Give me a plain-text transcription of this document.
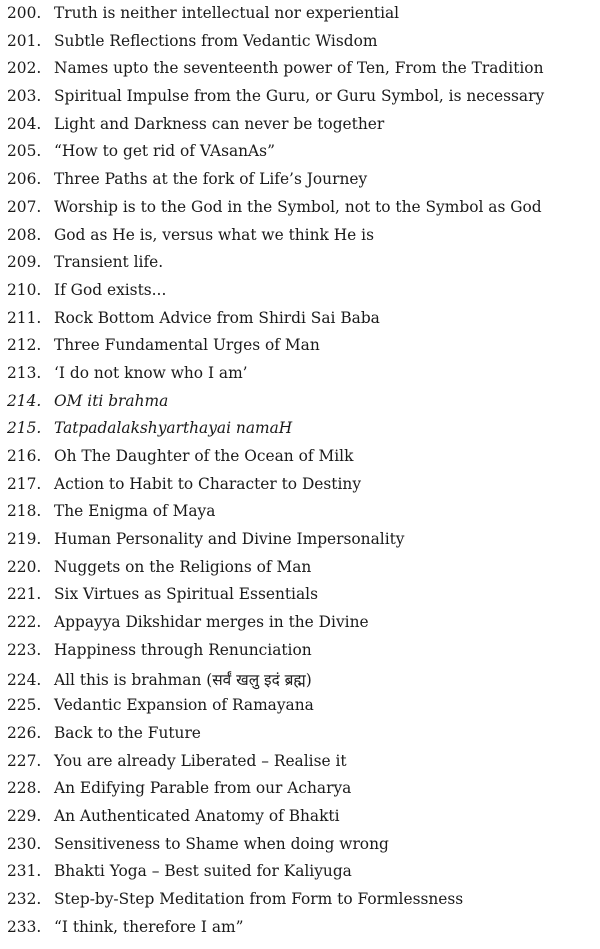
200. Truth is neither intellectual nor experiential
201. Subtle Reflections from Vedantic Wisdom
202. Names upto the seventeenth power of Ten, From the Tradition
203. Spiritual Impulse from the Guru, or Guru Symbol, is necessary
204. Light and Darkness can never be together
205. “How to get rid of VAsanAs”
206. Three Paths at the fork of Life’s Journey
207. Worship is to the God in the Symbol, not to the Symbol as God
208. God as He is, versus what we think He is
209. Transient life.
210. If God exists...
211. Rock Bottom Advice from Shirdi Sai Baba
212. Three Fundamental Urges of Man
213. ‘I do not know who I am’
214. OM iti brahma
215. Tatpadalakshyarthayai namaH
216. Oh The Daughter of the Ocean of Milk
217. Action to Habit to Character to Destiny
218. The Enigma of Maya
219. Human Personality and Divine Impersonality
220. Nuggets on the Religions of Man
221. Six Virtues as Spiritual Essentials
222. Appayya Dikshidar merges in the Divine
223. Happiness through Renunciation
224. All this is brahman (सर्वं खलु इदं ब्रह्म)
225. Vedantic Expansion of Ramayana
226. Back to the Future
227. You are already Liberated – Realise it
228. An Edifying Parable from our Acharya
229. An Authenticated Anatomy of Bhakti
230. Sensitiveness to Shame when doing wrong
231. Bhakti Yoga – Best suited for Kaliyuga
232. Step-by-Step Meditation from Form to Formlessness
233. “I think, therefore I am”
